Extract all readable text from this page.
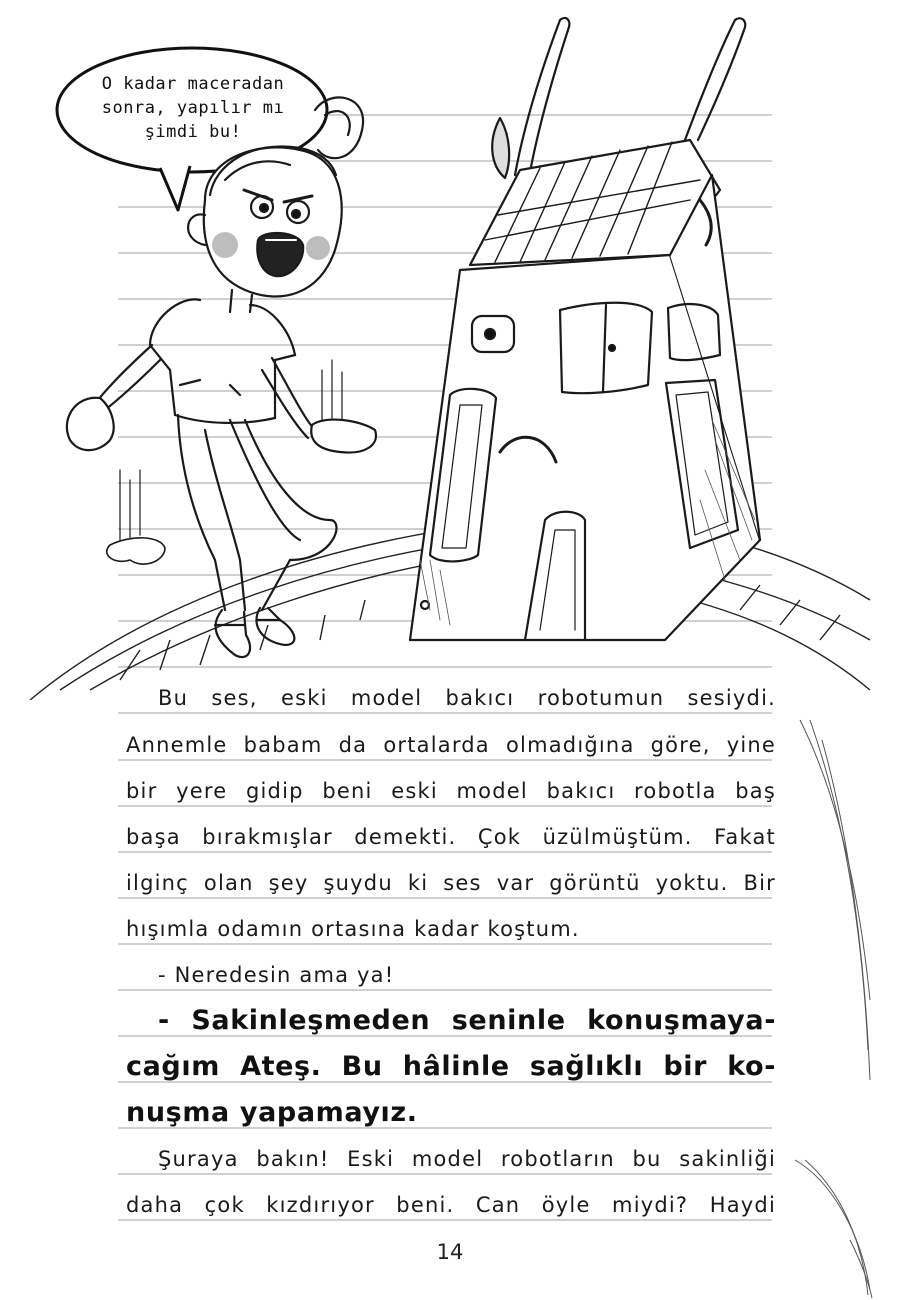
O kadar maceradan
sonra, yapılır mı
şimdi bu!
Bu ses, eski model bakıcı robotumun sesiydi.
Annemle babam da ortalarda olmadığına göre, yine
bir yere gidip beni eski model bakıcı robotla baş
başa bırakmışlar demekti. Çok üzülmüştüm. Fakat
ilginç olan şey şuydu ki ses var görüntü yoktu. Bir
hışımla odamın ortasına kadar koştum.
- Neredesin ama ya!
- Sakinleşmeden seninle konuşmaya-
cağım Ateş. Bu hâlinle sağlıklı bir ko-
nuşma yapamayız.
Şuraya bakın! Eski model robotların bu sakinliği
daha çok kızdırıyor beni. Can öyle miydi? Haydi
14
